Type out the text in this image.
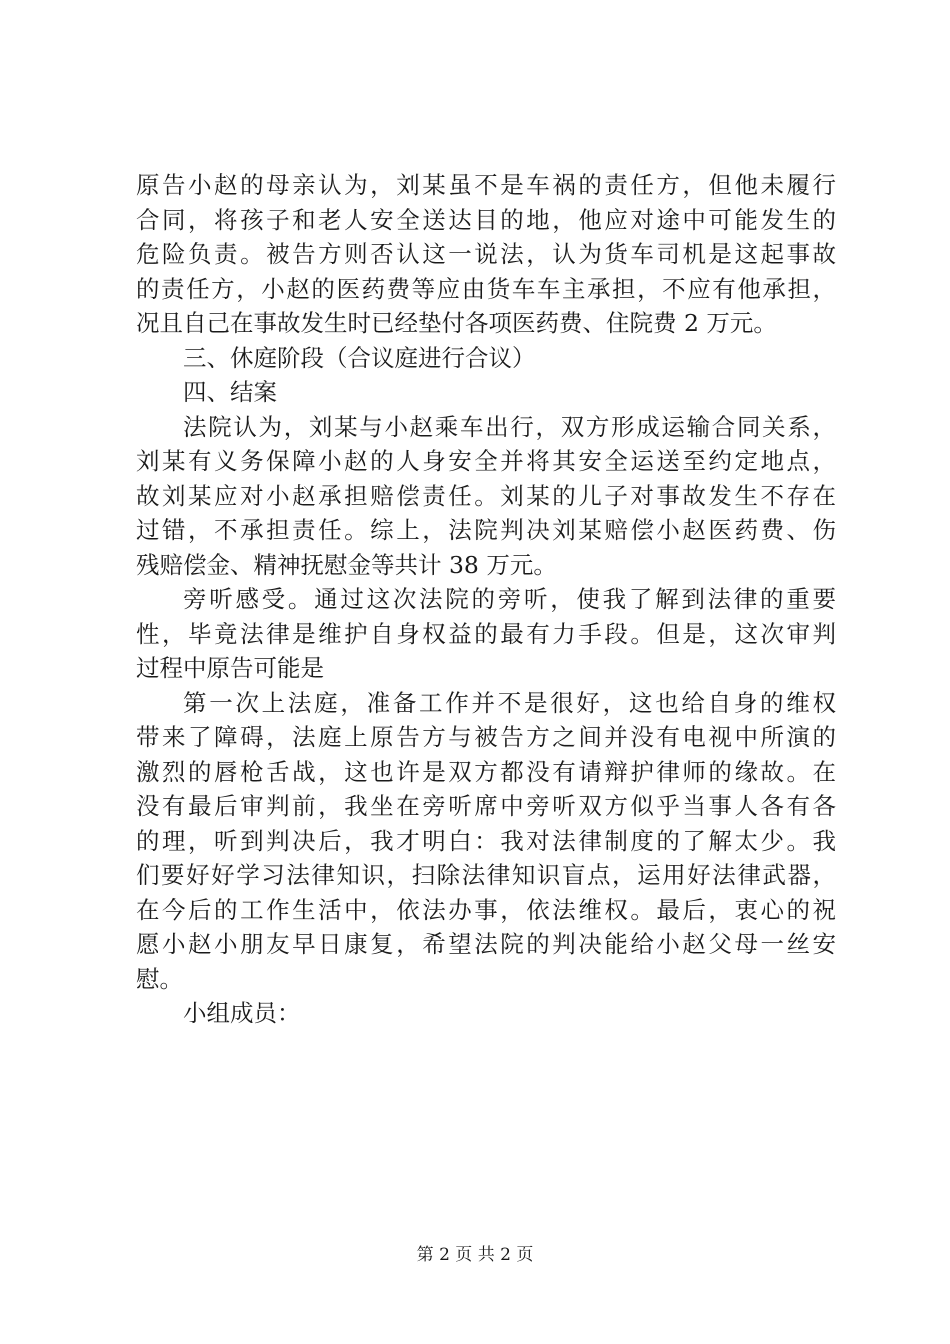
原告小赵的母亲认为，刘某虽不是车祸的责任方，但他未履行
合同，将孩子和老人安全送达目的地，他应对途中可能发生的
危险负责。被告方则否认这一说法，认为货车司机是这起事故
的责任方，小赵的医药费等应由货车车主承担，不应有他承担，
况且自己在事故发生时已经垫付各项医药费、住院费 2 万元。
三、休庭阶段（合议庭进行合议）
四、结案
法院认为，刘某与小赵乘车出行，双方形成运输合同关系，
刘某有义务保障小赵的人身安全并将其安全运送至约定地点，
故刘某应对小赵承担赔偿责任。刘某的儿子对事故发生不存在
过错，不承担责任。综上，法院判决刘某赔偿小赵医药费、伤
残赔偿金、精神抚慰金等共计 38 万元。
旁听感受。通过这次法院的旁听，使我了解到法律的重要
性，毕竟法律是维护自身权益的最有力手段。但是，这次审判
过程中原告可能是
第一次上法庭，准备工作并不是很好，这也给自身的维权
带来了障碍，法庭上原告方与被告方之间并没有电视中所演的
激烈的唇枪舌战，这也许是双方都没有请辩护律师的缘故。在
没有最后审判前，我坐在旁听席中旁听双方似乎当事人各有各
的理，听到判决后，我才明白：我对法律制度的了解太少。我
们要好好学习法律知识，扫除法律知识盲点，运用好法律武器，
在今后的工作生活中，依法办事，依法维权。最后，衷心的祝
愿小赵小朋友早日康复，希望法院的判决能给小赵父母一丝安
慰。
小组成员：
第 2 页 共 2 页
